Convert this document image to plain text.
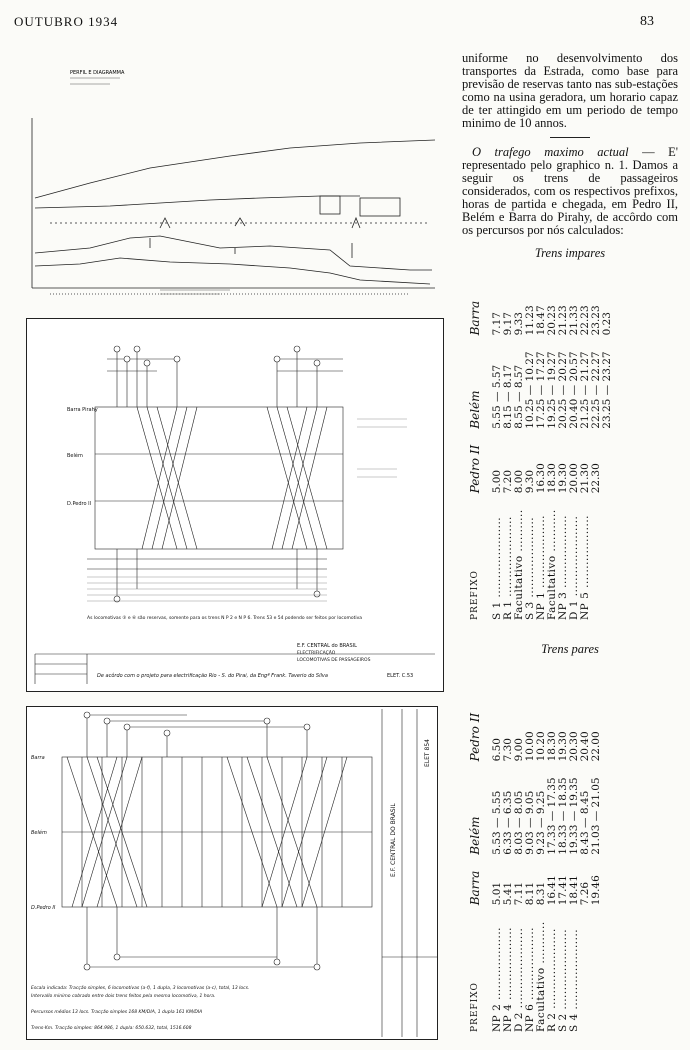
OUTUBRO 1934	83
PERFIL E DIAGRAMMA
Barra Pirahy
Belém
D.Pedro II
As locomotivas ⑤ e ⑥ são reservas, somente para os trens N P 2 e N P 6. Trens 53 e 54 podendo ser feitos por locomotiva
E.F. CENTRAL do BRASIL
ELECTRIFICAÇÃO
LOCOMOTIVAS DE PASSAGEIROS
ELET. C.53
De acôrdo com o projeto para electrificação Rio - S. do Pirai, da Engª Frank. Taverio do Silva
Barra
Belém
D.Pedro II
Escala indicada: Tracção simples, 6 locomotivas (a-f), 1 dupla, 3 locomotivas (a-c), total, 13 locs.
Intervallo minimo cobrado entre dois trens feitos pela mesma locomotiva, 1 hora.
Percursos médios 13 locs. Tracção simples 168 KM/DIA, 1 dupla 161 KM/DIA
Trens-Km. Tracção simples: 864.986, 1 dupla: 650.632, total, 1516.608
E.F. CENTRAL DO BRASIL
ELET 854
uniforme no desenvolvimento dos transportes da Estrada, como base para previsão de reservas tanto nas sub-estações como na usina geradora, um horario capaz de ter attingido em um periodo de tempo minimo de 10 annos.
O trafego maximo actual — E' representado pelo graphico n. 1. Damos a seguir os trens de passageiros considerados, com os respectivos prefixos, horas de partida e chegada, em Pedro II, Belém e Barra do Pirahy, de accôrdo com os percursos por nós calculados:
Trens impares
PREFIXO	Pedro II	Belém	Barra
S 1 .....................	5.00	5.55 — 5.57	7.17
R 1 .....................	7.20	8.15 — 8.17	9.17
Facultativo ...........	8.00	8.55 — 8.57	9.33
S 3 .....................	9.30	10.25 — 10.27	11.23
NP 1 ...................	16.30	17.25 — 17.27	18.47
Facultativo ...........	18.30	19.25 — 19.27	20.23
NP 3 ...................	19.30	20.25 — 20.27	21.23
D 1 .....................	20.00	20.40 — 20.57	21.33
NP 5 ...................	21.30	21.25 — 21.27	22.23
	22.30	22.25 — 22.27	23.23
		23.25 — 23.27	0.23
Trens pares
PREFIXO	Barra	Belém	Pedro II
NP 2 ...................	5.01	5.53 — 5.55	6.50
NP 4 ...................	5.41	6.33 — 6.35	7.30
D 2 .....................	7.11	8.03 — 8.05	9.00
NP 6 ...................	8.11	9.03 — 9.05	10.00
Facultativo ...........	8.31	9.23 — 9.25	10.20
R 2 .....................	16.41	17.33 — 17.35	18.30
S 2 .....................	17.41	18.33 — 18.35	19.30
S 4 .....................	18.41	19.33 — 19.35	20.30
	7.26	8.43 — 8.45	20.40
	19.46	21.03 — 21.05	22.00
